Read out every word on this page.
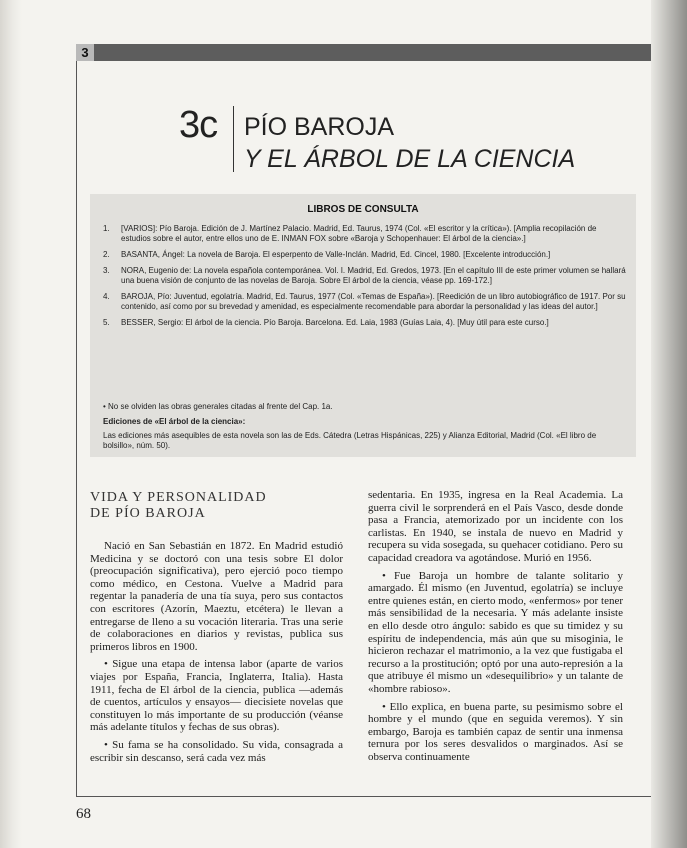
3
3c PÍO BAROJA
Y EL ÁRBOL DE LA CIENCIA
LIBROS DE CONSULTA
1. [VARIOS]: Pío Baroja. Edición de J. Martínez Palacio. Madrid, Ed. Taurus, 1974 (Col. «El escritor y la crítica»). [Amplia recopilación de estudios sobre el autor, entre ellos uno de E. INMAN FOX sobre «Baroja y Schopenhauer: El árbol de la ciencia».]
2. BASANTA, Ángel: La novela de Baroja. El esperpento de Valle-Inclán. Madrid, Ed. Cincel, 1980. [Excelente introducción.]
3. NORA, Eugenio de: La novela española contemporánea. Vol. I. Madrid, Ed. Gredos, 1973. [En el capítulo III de este primer volumen se hallará una buena visión de conjunto de las novelas de Baroja. Sobre El árbol de la ciencia, véase pp. 169-172.]
4. BAROJA, Pío: Juventud, egolatría. Madrid, Ed. Taurus, 1977 (Col. «Temas de España»). [Reedición de un libro autobiográfico de 1917. Por su contenido, así como por su brevedad y amenidad, es especialmente recomendable para abordar la personalidad y las ideas del autor.]
5. BESSER, Sergio: El árbol de la ciencia. Pío Baroja. Barcelona. Ed. Laia, 1983 (Guías Laia, 4). [Muy útil para este curso.]
• No se olviden las obras generales citadas al frente del Cap. 1a.
Ediciones de «El árbol de la ciencia»:
Las ediciones más asequibles de esta novela son las de Eds. Cátedra (Letras Hispánicas, 225) y Alianza Editorial, Madrid (Col. «El libro de bolsillo», núm. 50).
VIDA Y PERSONALIDAD
DE PÍO BAROJA

Nació en San Sebastián en 1872. En Madrid estudió Medicina y se doctoró con una tesis sobre El dolor (preocupación significativa), pero ejerció poco tiempo como médico, en Cestona. Vuelve a Madrid para regentar la panadería de una tía suya, pero sus contactos con escritores (Azorín, Maeztu, etcétera) le llevan a entregarse de lleno a su vocación literaria. Tras una serie de colaboraciones en diarios y revistas, publica sus primeros libros en 1900.

• Sigue una etapa de intensa labor (aparte de varios viajes por España, Francia, Inglaterra, Italia). Hasta 1911, fecha de El árbol de la ciencia, publica —además de cuentos, artículos y ensayos— diecisiete novelas que constituyen lo más importante de su producción (véanse más adelante títulos y fechas de sus obras).

• Su fama se ha consolidado. Su vida, consagrada a escribir sin descanso, será cada vez más

sedentaria. En 1935, ingresa en la Real Academia. La guerra civil le sorprenderá en el País Vasco, desde donde pasa a Francia, atemorizado por un incidente con los carlistas. En 1940, se instala de nuevo en Madrid y recupera su vida sosegada, su quehacer cotidiano. Pero su capacidad creadora va agotándose. Murió en 1956.

• Fue Baroja un hombre de talante solitario y amargado. Él mismo (en Juventud, egolatría) se incluye entre quienes están, en cierto modo, «enfermos» por tener más sensibilidad de la necesaria. Y más adelante insiste en ello desde otro ángulo: sabido es que su timidez y su espíritu de independencia, más aún que su misoginia, le hicieron rechazar el matrimonio, a la vez que fustigaba el recurso a la prostitución; optó por una auto-represión a la que atribuye él mismo un «desequilibrio» y un talante de «hombre rabioso».

• Ello explica, en buena parte, su pesimismo sobre el hombre y el mundo (que en seguida veremos). Y sin embargo, Baroja es también capaz de sentir una inmensa ternura por los seres desvalidos o marginados. Así se observa continuamente

68
